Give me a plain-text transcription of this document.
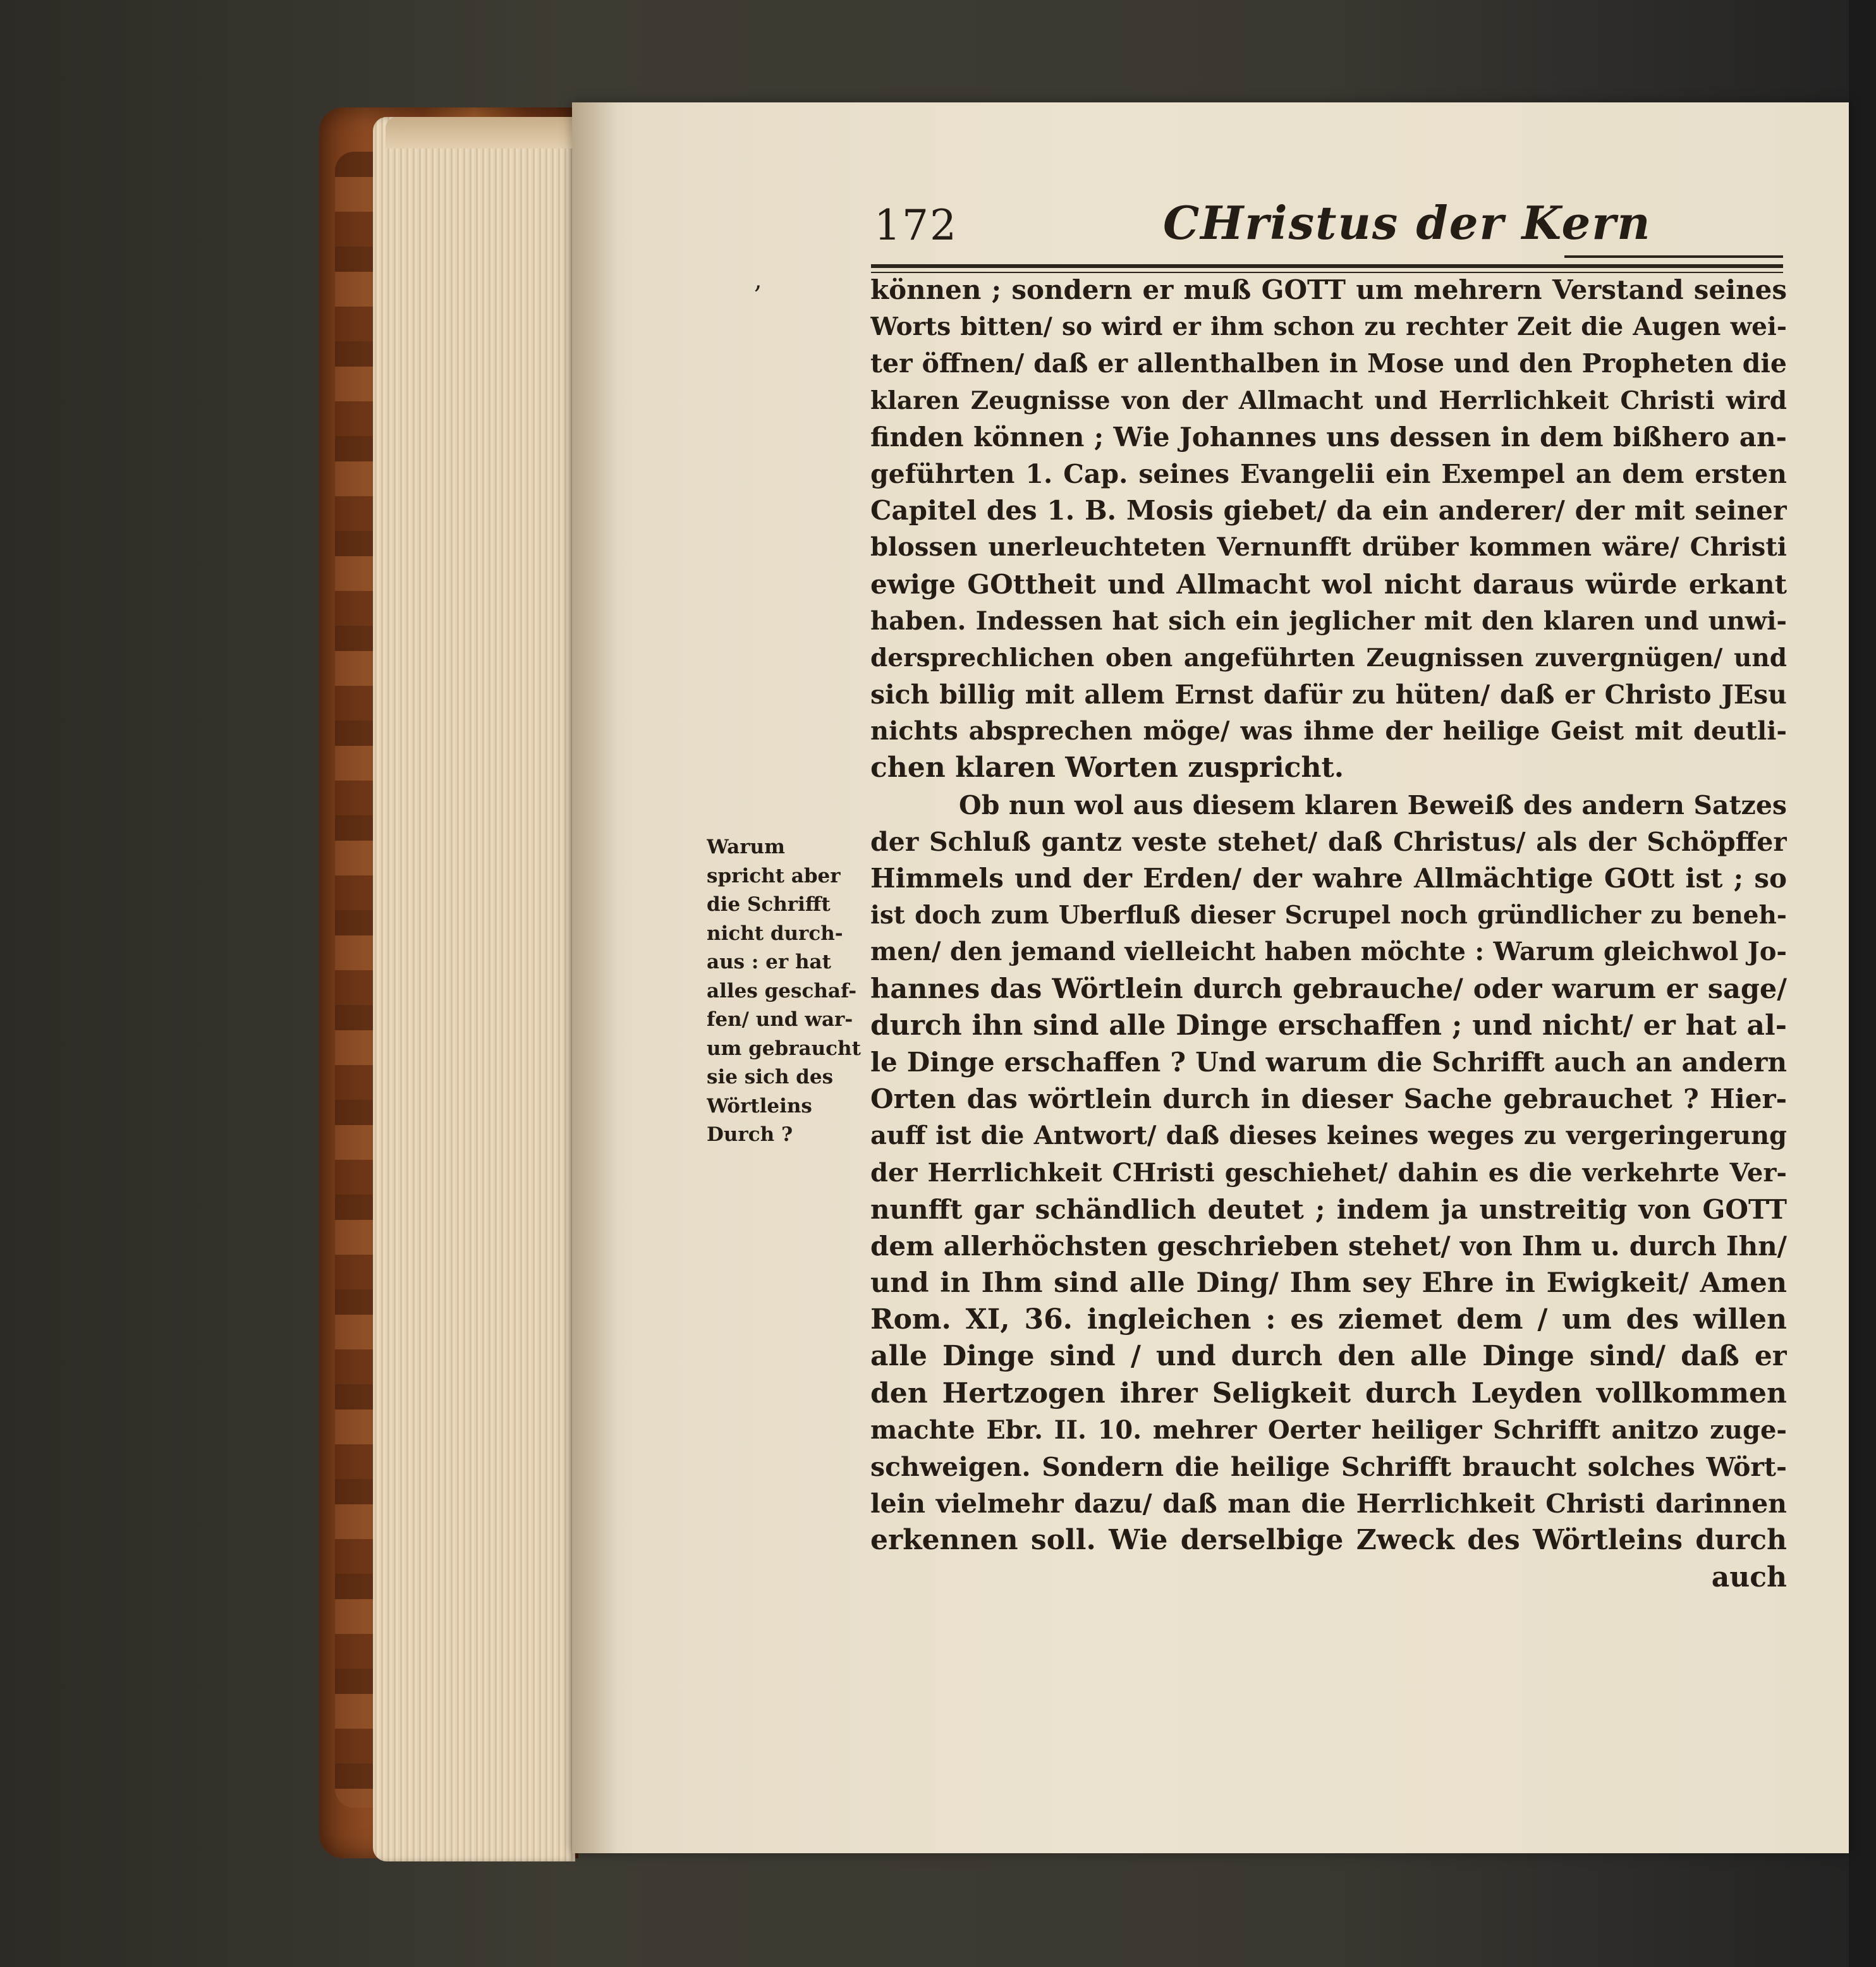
172	CHristus der Kern
,	können ; sondern er muß GOTT um mehrern Verstand seines
Worts bitten/ so wird er ihm schon zu rechter Zeit die Augen wei-
ter öffnen/ daß er allenthalben in Mose und den Propheten die
klaren Zeugnisse von der Allmacht und Herrlichkeit Christi wird
finden können ; Wie Johannes uns dessen in dem bißhero an-
geführten 1. Cap. seines Evangelii ein Exempel an dem ersten
Capitel des 1. B. Mosis giebet/ da ein anderer/ der mit seiner
blossen unerleuchteten Vernunfft drüber kommen wäre/ Christi
ewige GOttheit und Allmacht wol nicht daraus würde erkant
haben. Indessen hat sich ein jeglicher mit den klaren und unwi-
dersprechlichen oben angeführten Zeugnissen zuvergnügen/ und
sich billig mit allem Ernst dafür zu hüten/ daß er Christo JEsu
nichts absprechen möge/ was ihme der heilige Geist mit deutli-
chen klaren Worten zuspricht.
Ob nun wol aus diesem klaren Beweiß des andern Satzes
der Schluß gantz veste stehet/ daß Christus/ als der Schöpffer
Himmels und der Erden/ der wahre Allmächtige GOtt ist ; so
ist doch zum Uberfluß dieser Scrupel noch gründlicher zu beneh-
men/ den jemand vielleicht haben möchte : Warum gleichwol Jo-
hannes das Wörtlein durch gebrauche/ oder warum er sage/
durch ihn sind alle Dinge erschaffen ; und nicht/ er hat al-
le Dinge erschaffen ? Und warum die Schrifft auch an andern
Orten das wörtlein durch in dieser Sache gebrauchet ? Hier-
auff ist die Antwort/ daß dieses keines weges zu vergeringerung
der Herrlichkeit CHristi geschiehet/ dahin es die verkehrte Ver-
nunfft gar schändlich deutet ; indem ja unstreitig von GOTT
dem allerhöchsten geschrieben stehet/ von Ihm u. durch Ihn/
und in Ihm sind alle Ding/ Ihm sey Ehre in Ewigkeit/ Amen
Rom. XI, 36. ingleichen : es ziemet dem / um des willen
alle Dinge sind / und durch den alle Dinge sind/ daß er
den Hertzogen ihrer Seligkeit durch Leyden vollkommen
machte Ebr. II. 10. mehrer Oerter heiliger Schrifft anitzo zuge-
schweigen. Sondern die heilige Schrifft braucht solches Wört-
lein vielmehr dazu/ daß man die Herrlichkeit Christi darinnen
erkennen soll. Wie derselbige Zweck des Wörtleins durch
auch
Warum
spricht aber
die Schrifft
nicht durch-
aus : er hat
alles geschaf-
fen/ und war-
um gebraucht
sie sich des
Wörtleins
Durch ?
